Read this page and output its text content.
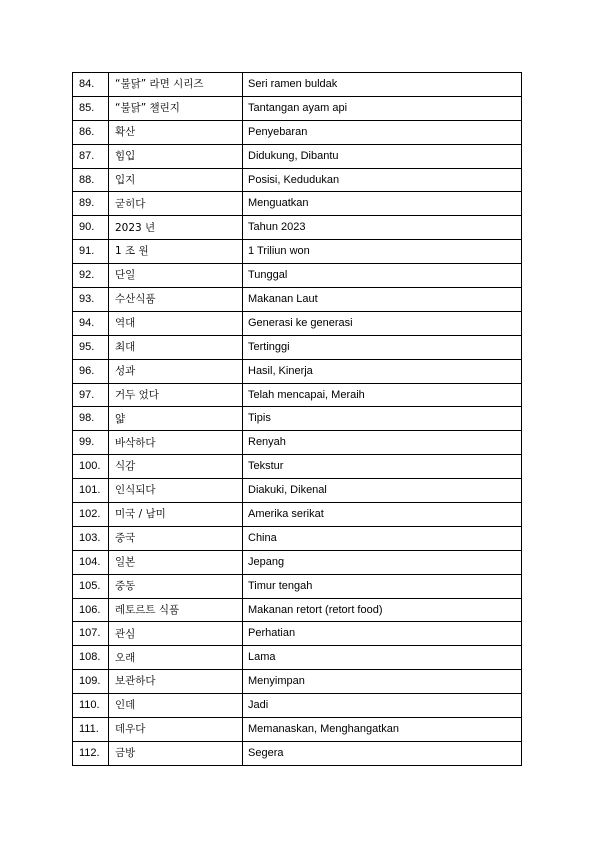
84.	“불닭” 라면 시리즈	Seri ramen buldak
85.	“불닭” 챌린지	Tantangan ayam api
86.	확산	Penyebaran
87.	힘입	Didukung, Dibantu
88.	입지	Posisi, Kedudukan
89.	굳히다	Menguatkan
90.	2023 년	Tahun 2023
91.	1 조 원	1 Triliun won
92.	단일	Tunggal
93.	수산식품	Makanan Laut
94.	역대	Generasi ke generasi
95.	최대	Tertinggi
96.	성과	Hasil, Kinerja
97.	거두 었다	Telah mencapai, Meraih
98.	얇	Tipis
99.	바삭하다	Renyah
100.	식감	Tekstur
101.	인식되다	Diakuki, Dikenal
102.	미국 / 남미	Amerika serikat
103.	중국	China
104.	일본	Jepang
105.	중동	Timur tengah
106.	레토르트 식품	Makanan retort (retort food)
107.	관심	Perhatian
108.	오래	Lama
109.	보관하다	Menyimpan
110.	인데	Jadi
111.	데우다	Memanaskan, Menghangatkan
112.	금방	Segera
